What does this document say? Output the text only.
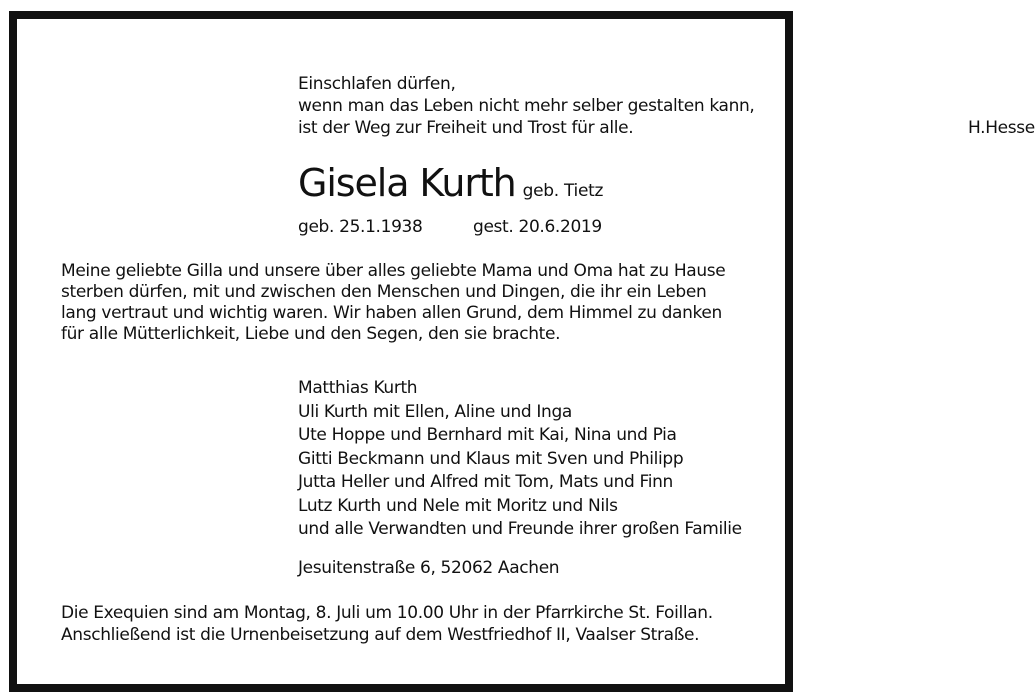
Einschlafen dürfen,
wenn man das Leben nicht mehr selber gestalten kann,
ist der Weg zur Freiheit und Trost für alle.	H.Hesse
Gisela Kurth geb. Tietz
geb. 25.1.1938	gest. 20.6.2019
Meine geliebte Gilla und unsere über alles geliebte Mama und Oma hat zu Hause
sterben dürfen, mit und zwischen den Menschen und Dingen, die ihr ein Leben
lang vertraut und wichtig waren. Wir haben allen Grund, dem Himmel zu danken
für alle Mütterlichkeit, Liebe und den Segen, den sie brachte.
Matthias Kurth
Uli Kurth mit Ellen, Aline und Inga
Ute Hoppe und Bernhard mit Kai, Nina und Pia
Gitti Beckmann und Klaus mit Sven und Philipp
Jutta Heller und Alfred mit Tom, Mats und Finn
Lutz Kurth und Nele mit Moritz und Nils
und alle Verwandten und Freunde ihrer großen Familie
Jesuitenstraße 6, 52062 Aachen
Die Exequien sind am Montag, 8. Juli um 10.00 Uhr in der Pfarrkirche St. Foillan.
Anschließend ist die Urnenbeisetzung auf dem Westfriedhof II, Vaalser Straße.
